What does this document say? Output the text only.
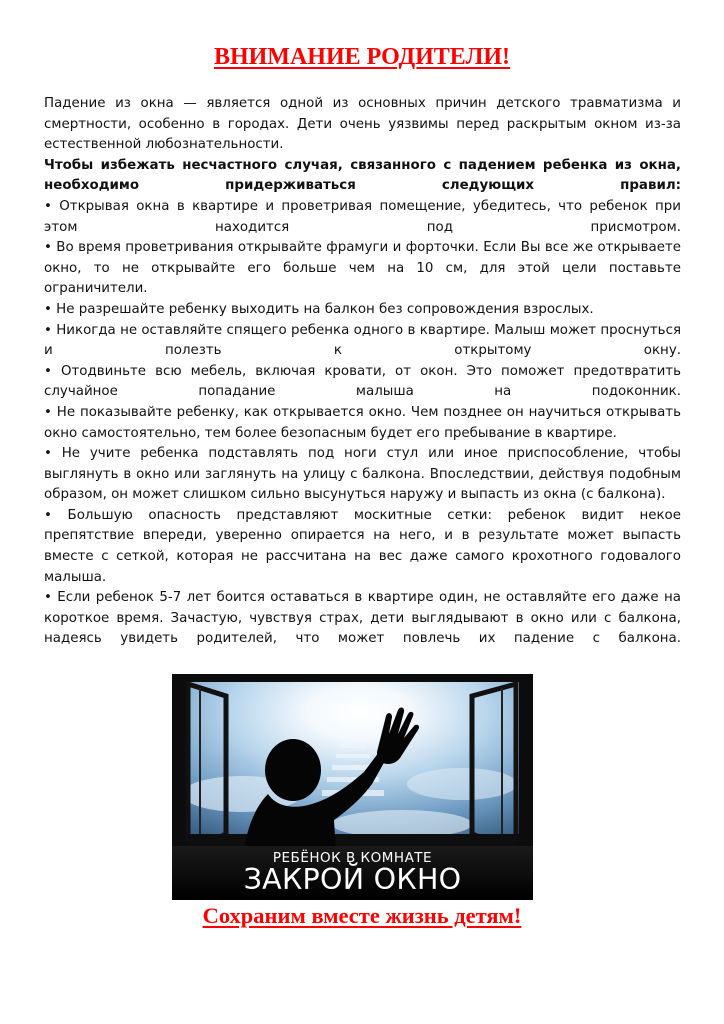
ВНИМАНИЕ РОДИТЕЛИ!

Падение из окна — является одной из основных причин детского травматизма и смертности, особенно в городах. Дети очень уязвимы перед раскрытым окном из-за естественной любознательности.

Чтобы избежать несчастного случая, связанного с падением ребенка из окна, необходимо придерживаться следующих правил:

• Открывая окна в квартире и проветривая помещение, убедитесь, что ребенок при этом находится под присмотром.

• Во время проветривания открывайте фрамуги и форточки. Если Вы все же открываете окно, то не открывайте его больше чем на 10 см, для этой цели поставьте ограничители.

• Не разрешайте ребенку выходить на балкон без сопровождения взрослых.

• Никогда не оставляйте спящего ребенка одного в квартире. Малыш может проснуться и полезть к открытому окну.

• Отодвиньте всю мебель, включая кровати, от окон. Это поможет предотвратить случайное попадание малыша на подоконник.

• Не показывайте ребенку, как открывается окно. Чем позднее он научиться открывать окно самостоятельно, тем более безопасным будет его пребывание в квартире.

• Не учите ребенка подставлять под ноги стул или иное приспособление, чтобы выглянуть в окно или заглянуть на улицу с балкона. Впоследствии, действуя подобным образом, он может слишком сильно высунуться наружу и выпасть из окна (с балкона).

• Большую опасность представляют москитные сетки: ребенок видит некое препятствие впереди, уверенно опирается на него, и в результате может выпасть вместе с сеткой, которая не рассчитана на вес даже самого крохотного годовалого малыша.

• Если ребенок 5-7 лет боится оставаться в квартире один, не оставляйте его даже на короткое время. Зачастую, чувствуя страх, дети выглядывают в окно или с балкона, надеясь увидеть родителей, что может повлечь их падение с балкона.

РЕБЁНОК В КОМНАТЕ
ЗАКРОЙ ОКНО
Сохраним вместе жизнь детям!
